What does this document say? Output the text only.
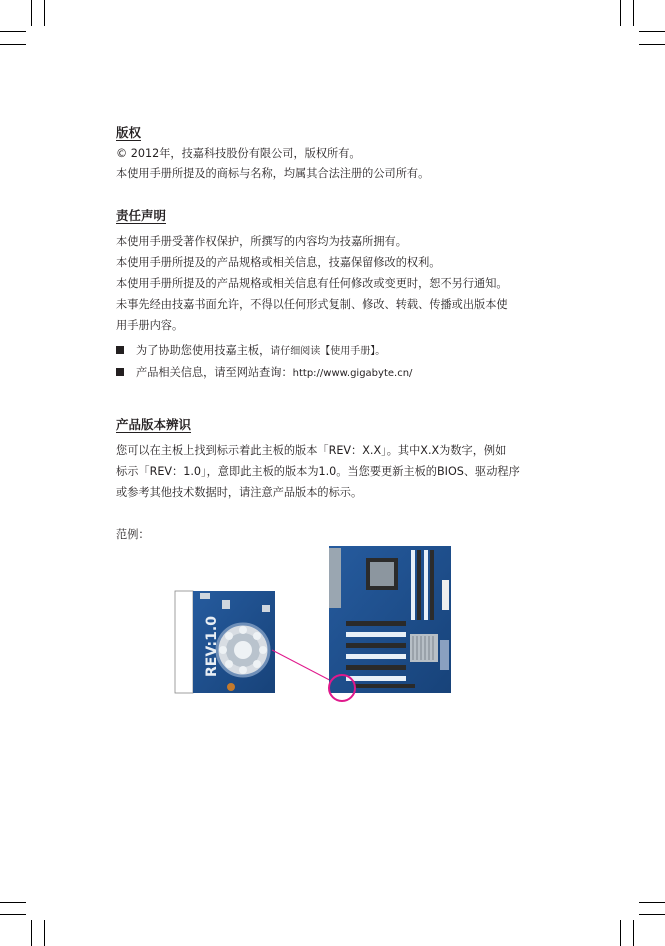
版权
© 2012年，技嘉科技股份有限公司，版权所有。
本使用手册所提及的商标与名称，均属其合法注册的公司所有。
责任声明
本使用手册受著作权保护，所撰写的内容均为技嘉所拥有。
本使用手册所提及的产品规格或相关信息，技嘉保留修改的权利。
本使用手册所提及的产品规格或相关信息有任何修改或变更时，恕不另行通知。
未事先经由技嘉书面允许，不得以任何形式复制、修改、转载、传播或出版本使
用手册内容。
为了协助您使用技嘉主板，请仔细阅读【使用手册】。
产品相关信息，请至网站查询：http://www.gigabyte.cn/
产品版本辨识
您可以在主板上找到标示着此主板的版本「REV：X.X」。其中X.X为数字，例如
标示「REV：1.0」，意即此主板的版本为1.0。当您要更新主板的BIOS、驱动程序
或参考其他技术数据时，请注意产品版本的标示。
范例：
REV:1.0
